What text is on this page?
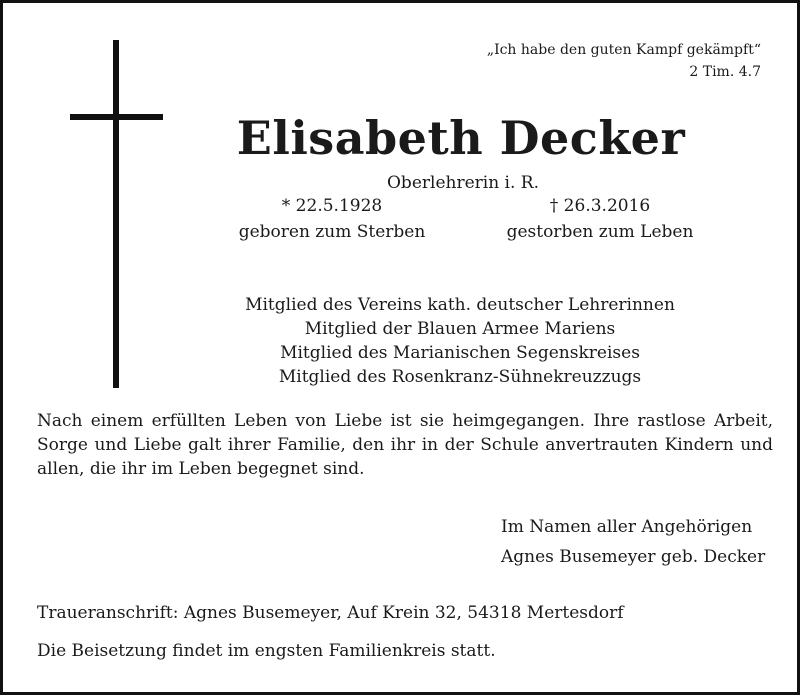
„Ich habe den guten Kampf gekämpft“
2 Tim. 4.7
Elisabeth Decker
Oberlehrerin i. R.
* 22.5.1928
geboren zum Sterben
† 26.3.2016
gestorben zum Leben
Mitglied des Vereins kath. deutscher Lehrerinnen
Mitglied der Blauen Armee Mariens
Mitglied des Marianischen Segenskreises
Mitglied des Rosenkranz-Sühnekreuzzugs
Nach einem erfüllten Leben von Liebe ist sie heimgegangen. Ihre rastlose Arbeit, Sorge und Liebe galt ihrer Familie, den ihr in der Schule anvertrauten Kindern und allen, die ihr im Leben begegnet sind.
Im Namen aller Angehörigen
Agnes Busemeyer geb. Decker
Traueranschrift: Agnes Busemeyer, Auf Krein 32, 54318 Mertesdorf
Die Beisetzung findet im engsten Familienkreis statt.
